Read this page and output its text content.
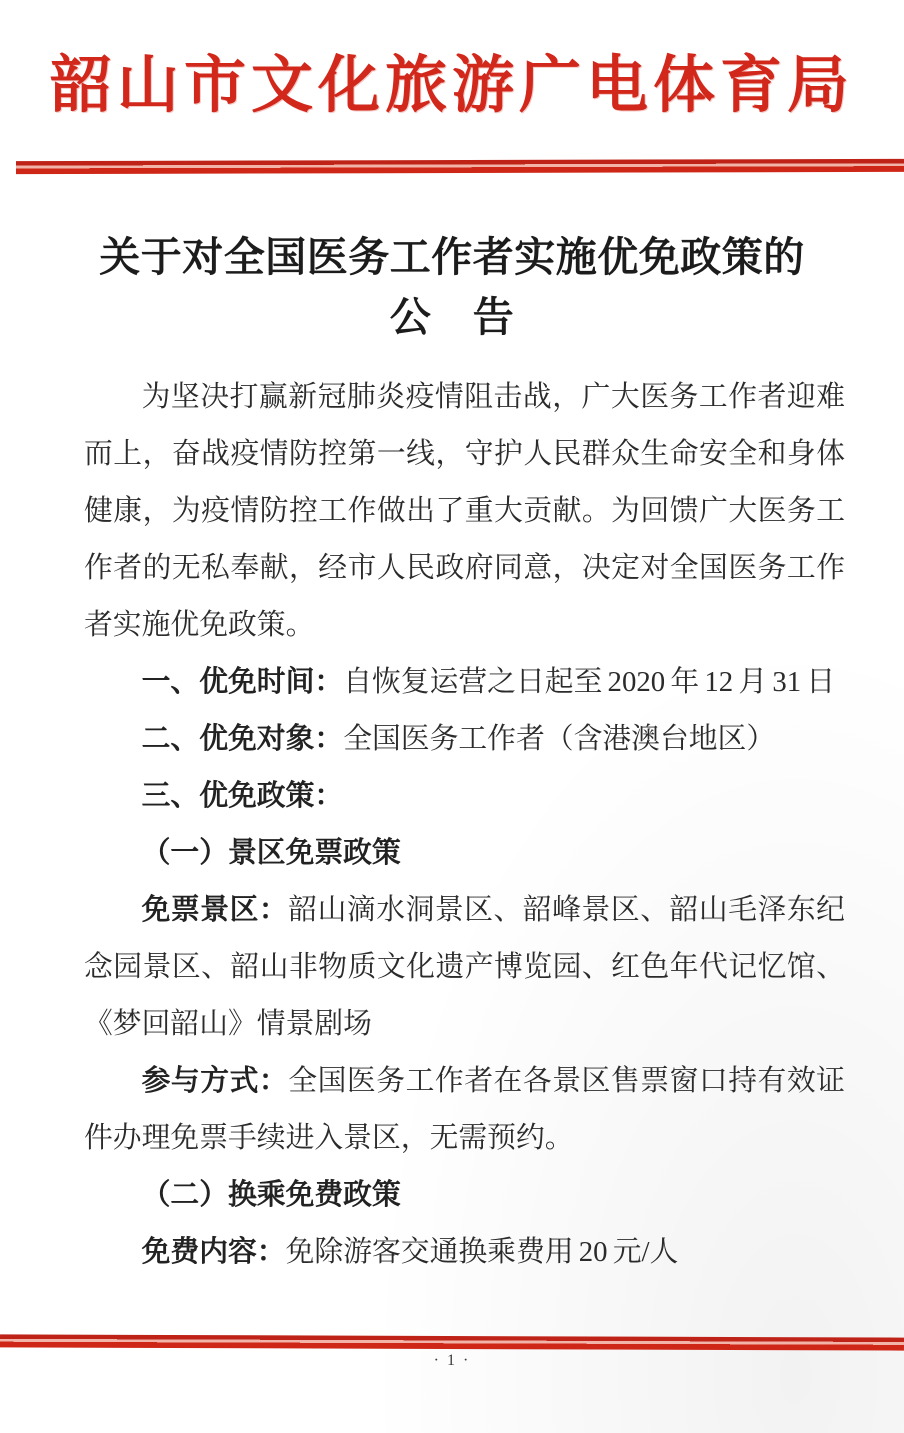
韶山市文化旅游广电体育局
关于对全国医务工作者实施优免政策的
公　告

为坚决打赢新冠肺炎疫情阻击战，广大医务工作者迎难而上，奋战疫情防控第一线，守护人民群众生命安全和身体健康，为疫情防控工作做出了重大贡献。为回馈广大医务工作者的无私奉献，经市人民政府同意，决定对全国医务工作者实施优免政策。

一、优免时间：自恢复运营之日起至 2020 年 12 月 31 日

二、优免对象：全国医务工作者（含港澳台地区）

三、优免政策：

（一）景区免票政策

免票景区：韶山滴水洞景区、韶峰景区、韶山毛泽东纪念园景区、韶山非物质文化遗产博览园、红色年代记忆馆、《梦回韶山》情景剧场

参与方式：全国医务工作者在各景区售票窗口持有效证件办理免票手续进入景区，无需预约。

（二）换乘免费政策

免费内容：免除游客交通换乘费用 20 元/人

· 1 ·
